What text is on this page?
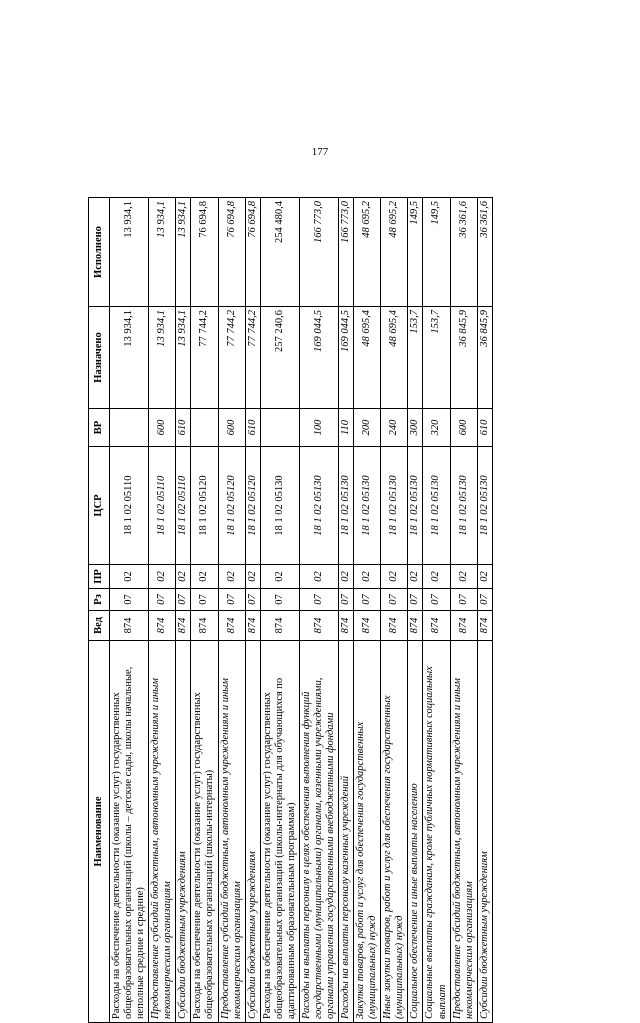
177
Наименование	Вед	Рз	ПР	ЦСР	ВР	Назначено	Исполнено
Расходы на обеспечение деятельности (оказание услуг) государственных общеобразовательных организаций (школы – детские сады, школы начальные, неполные средние и средние)	874	07	02	18 1 02 05110		13 934,1	13 934,1
Предоставление субсидий бюджетным, автономным учреждениям и иным некоммерческим организациям	874	07	02	18 1 02 05110	600	13 934,1	13 934,1
Субсидии бюджетным учреждениям	874	07	02	18 1 02 05110	610	13 934,1	13 934,1
Расходы на обеспечение деятельности (оказание услуг) государственных общеобразовательных организаций (школы-интернаты)	874	07	02	18 1 02 05120		77 744,2	76 694,8
Предоставление субсидий бюджетным, автономным учреждениям и иным некоммерческим организациям	874	07	02	18 1 02 05120	600	77 744,2	76 694,8
Субсидии бюджетным учреждениям	874	07	02	18 1 02 05120	610	77 744,2	76 694,8
Расходы на обеспечение деятельности (оказание услуг) государственных общеобразовательных организаций (школы-интернаты для обучающихся по адаптированным образовательным программам)	874	07	02	18 1 02 05130		257 240,6	254 480,4
Расходы на выплаты персоналу в целях обеспечения выполнения функций государственными (муниципальными) органами, казенными учреждениями, органами управления государственными внебюджетными фондами	874	07	02	18 1 02 05130	100	169 044,5	166 773,0
Расходы на выплаты персоналу казенных учреждений	874	07	02	18 1 02 05130	110	169 044,5	166 773,0
Закупка товаров, работ и услуг для обеспечения государственных (муниципальных) нужд	874	07	02	18 1 02 05130	200	48 695,4	48 695,2
Иные закупки товаров, работ и услуг для обеспечения государственных (муниципальных) нужд	874	07	02	18 1 02 05130	240	48 695,4	48 695,2
Социальное обеспечение и иные выплаты населению	874	07	02	18 1 02 05130	300	153,7	149,5
Социальные выплаты гражданам, кроме публичных нормативных социальных выплат	874	07	02	18 1 02 05130	320	153,7	149,5
Предоставление субсидий бюджетным, автономным учреждениям и иным некоммерческим организациям	874	07	02	18 1 02 05130	600	36 845,9	36 361,6
Субсидии бюджетным учреждениям	874	07	02	18 1 02 05130	610	36 845,9	36 361,6
